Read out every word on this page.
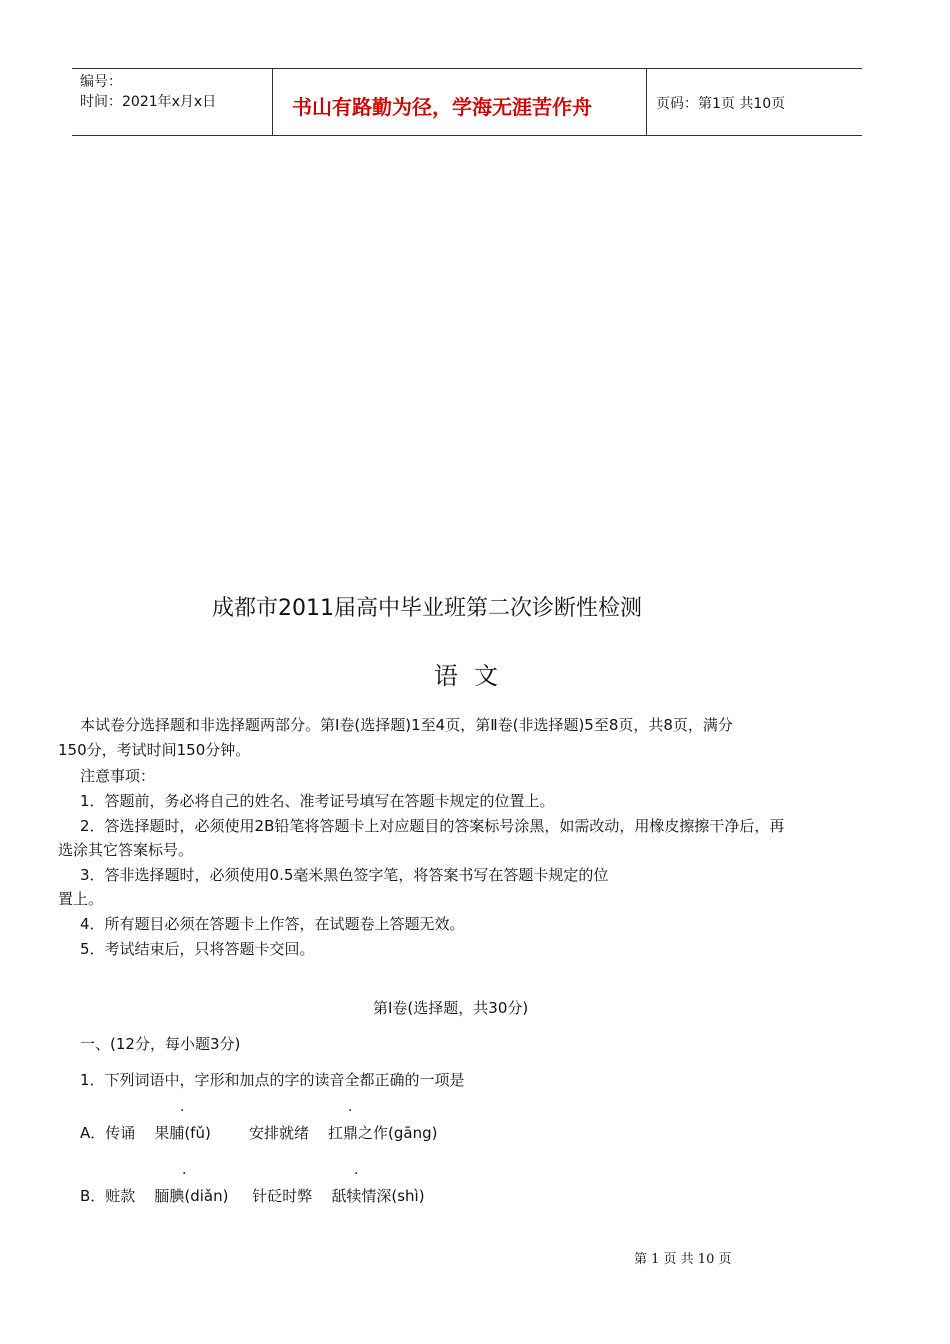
编号：
时间：2021年x月x日	书山有路勤为径，学海无涯苦作舟	页码：第1页 共10页
成都市2011届高中毕业班第二次诊断性检测
语文
本试卷分选择题和非选择题两部分。第Ⅰ卷(选择题)1至4页，第Ⅱ卷(非选择题)5至8页，共8页，满分
150分，考试时间150分钟。
注意事项：
1．答题前，务必将自己的姓名、准考证号填写在答题卡规定的位置上。
2．答选择题时，必须使用2B铅笔将答题卡上对应题目的答案标号涂黑，如需改动，用橡皮擦擦干净后，再
选涂其它答案标号。
3．答非选择题时，必须使用0.5毫米黑色签字笔，将答案书写在答题卡规定的位
置上。
4．所有题目必须在答题卡上作答，在试题卷上答题无效。
5．考试结束后，只将答题卡交回。
第Ⅰ卷(选择题，共30分)
一、(12分，每小题3分)
1．下列词语中，字形和加点的字的读音全都正确的一项是
·	·
A．传诵    果脯(fǔ)        安排就绪    扛鼎之作(gāng)
·	·
B．赃款    腼腆(diǎn)     针砭时弊    舐犊情深(shì)
第 1 页 共 10 页
